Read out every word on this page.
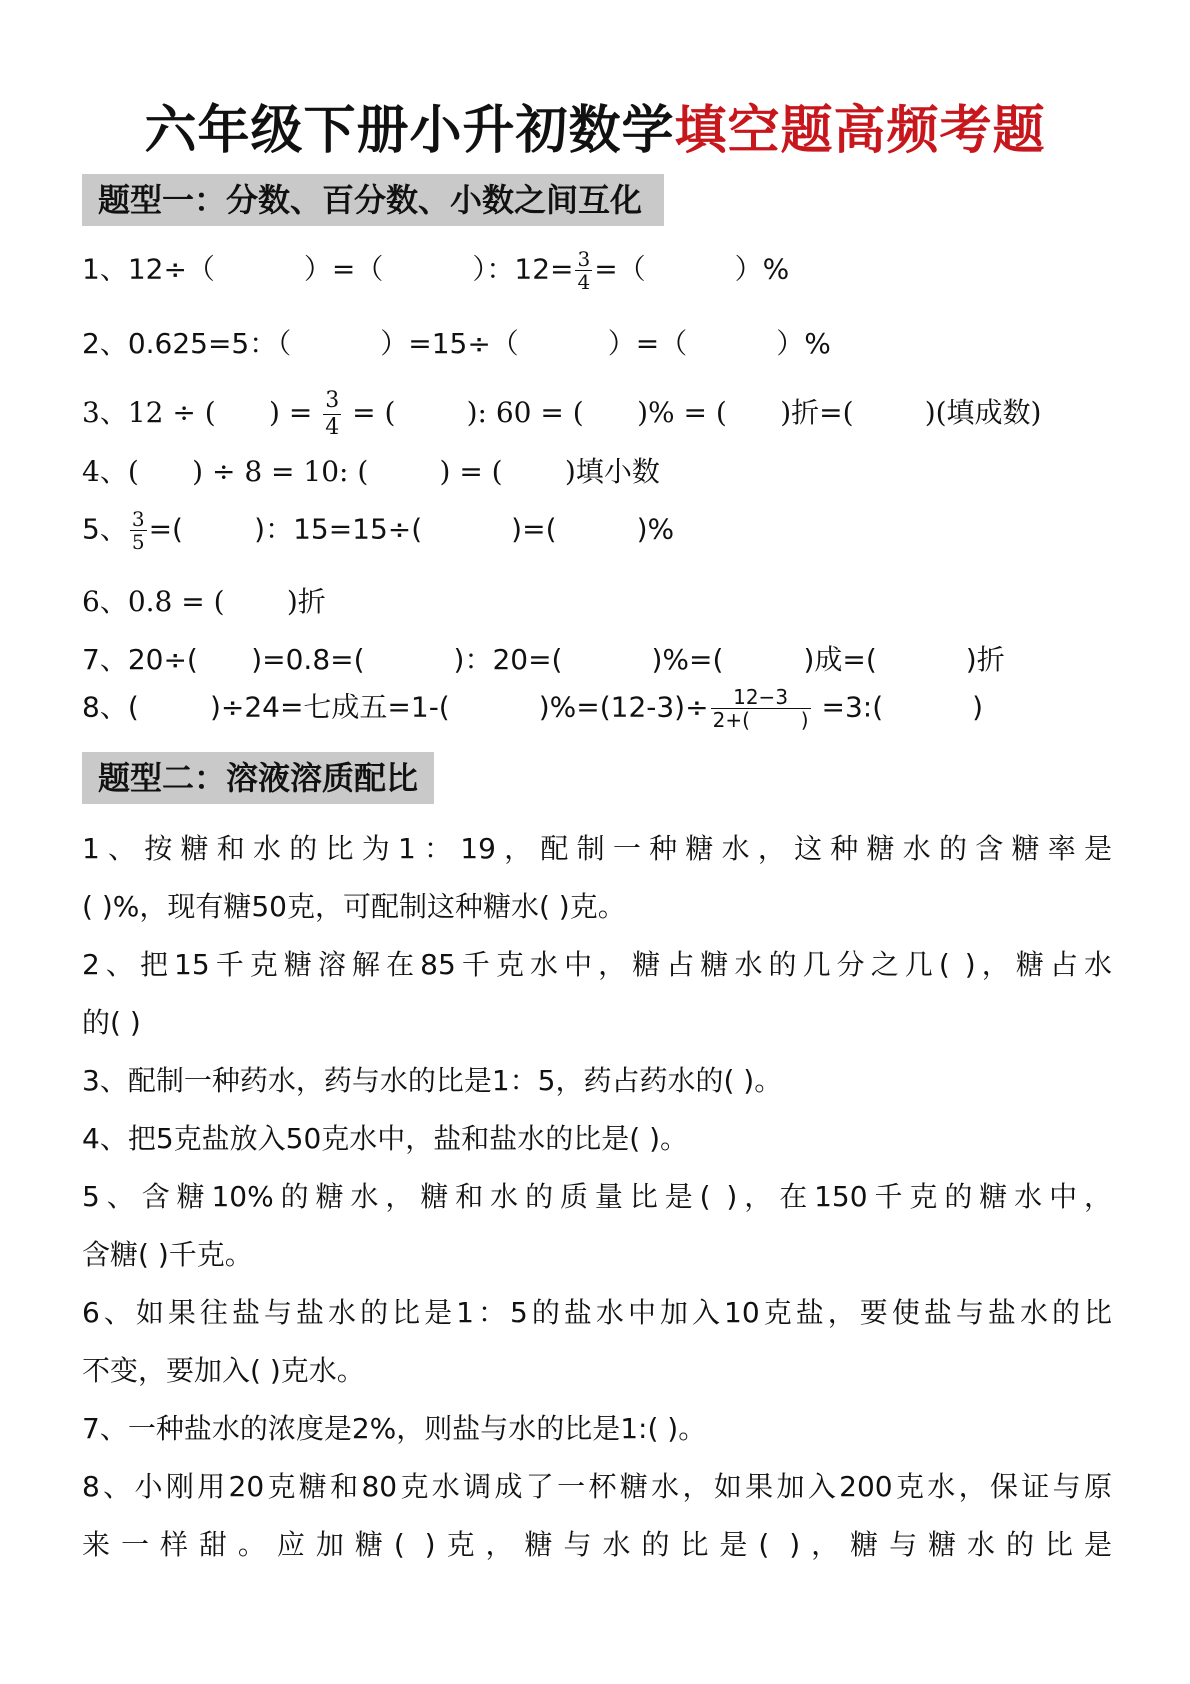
六年级下册小升初数学填空题高频考题
题型一：分数、百分数、小数之间互化
1、12÷（          ）=（          ）：$12= \frac{3}{4}$ =（          ）%
2、0.625=5：（          ）=15÷（          ）=（          ）%
3、12 ÷ (      ) = $\frac{3}{4}$ = (        ): 60 = (      )% = (      )折=(        )(填成数)
4、(      ) ÷ 8 = 10: (        ) = (       )填小数
5、 $\frac{3}{5}$ =(        )：15=15÷(          )=(         )%
6、0.8 = (       )折
7、20÷(      )=0.8=(          )：20=(          )%=(         )成=(          )折
8、(        )÷24=七成五=1-(          )$\%=(12-3)\div \frac{12-3}{2+( )}$ =3:(          )
题型二：溶液溶质配比
1、按糖和水的比为1：19，配制一种糖水，这种糖水的含糖率是
( )%，现有糖50克，可配制这种糖水( )克。
2、把15千克糖溶解在85千克水中，糖占糖水的几分之几( )，糖占水
的( )
3、配制一种药水，药与水的比是1：5，药占药水的( )。
4、把5克盐放入50克水中，盐和盐水的比是( )。
5、含糖10%的糖水，糖和水的质量比是( )，在150千克的糖水中，
含糖( )千克。
6、如果往盐与盐水的比是1：5的盐水中加入10克盐，要使盐与盐水的比
不变，要加入( )克水。
7、一种盐水的浓度是2%，则盐与水的比是1:( )。
8、小刚用20克糖和80克水调成了一杯糖水，如果加入200克水，保证与原
来一样甜。应加糖( )克，糖与水的比是( )，糖与糖水的比是
